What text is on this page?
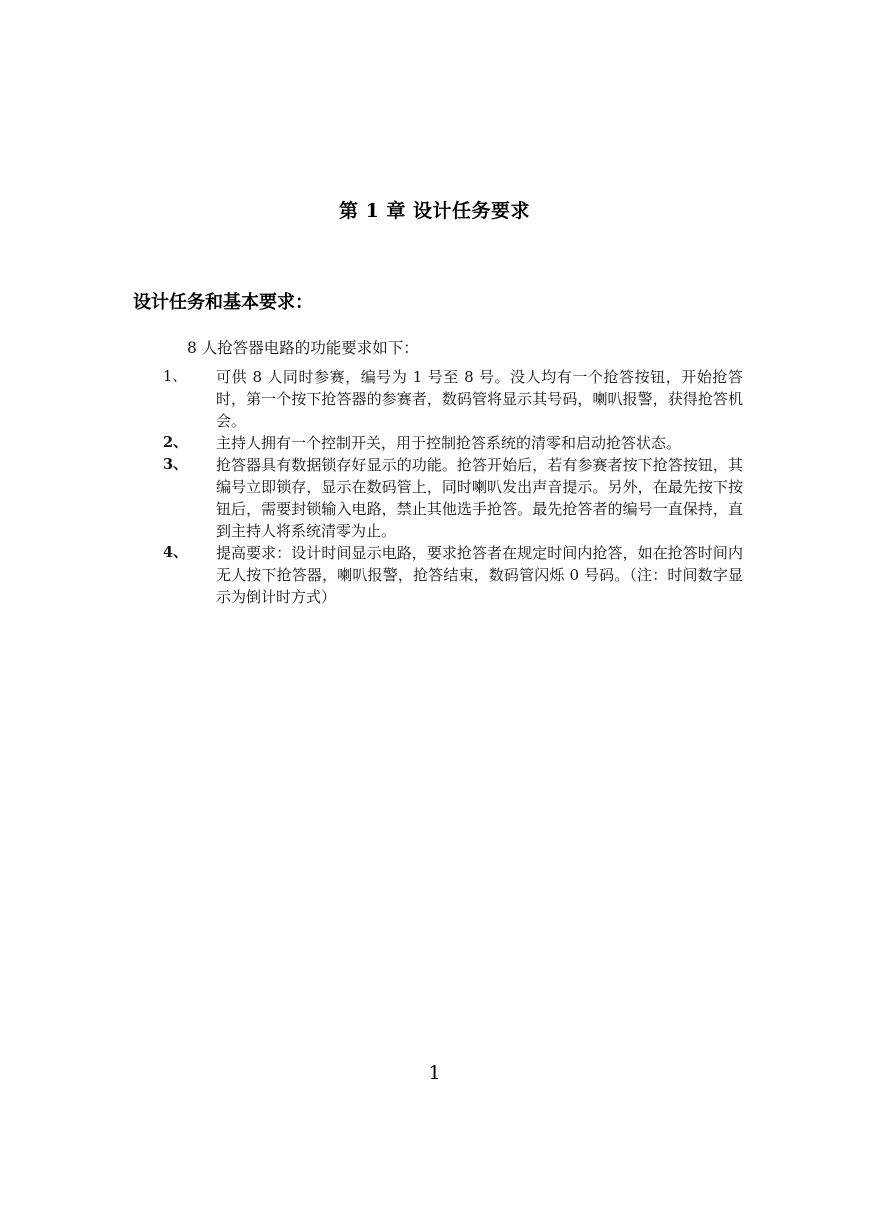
第 1 章 设计任务要求
设计任务和基本要求：
8 人抢答器电路的功能要求如下：
1、 可供 8 人同时参赛，编号为 1 号至 8 号。没人均有一个抢答按钮，开始抢答时，第一个按下抢答器的参赛者，数码管将显示其号码，喇叭报警，获得抢答机会。
2、 主持人拥有一个控制开关，用于控制抢答系统的清零和启动抢答状态。
3、 抢答器具有数据锁存好显示的功能。抢答开始后，若有参赛者按下抢答按钮，其编号立即锁存，显示在数码管上，同时喇叭发出声音提示。另外，在最先按下按钮后，需要封锁输入电路，禁止其他选手抢答。最先抢答者的编号一直保持，直到主持人将系统清零为止。
4、 提高要求：设计时间显示电路，要求抢答者在规定时间内抢答，如在抢答时间内无人按下抢答器，喇叭报警，抢答结束，数码管闪烁 0 号码。（注：时间数字显示为倒计时方式）
1
